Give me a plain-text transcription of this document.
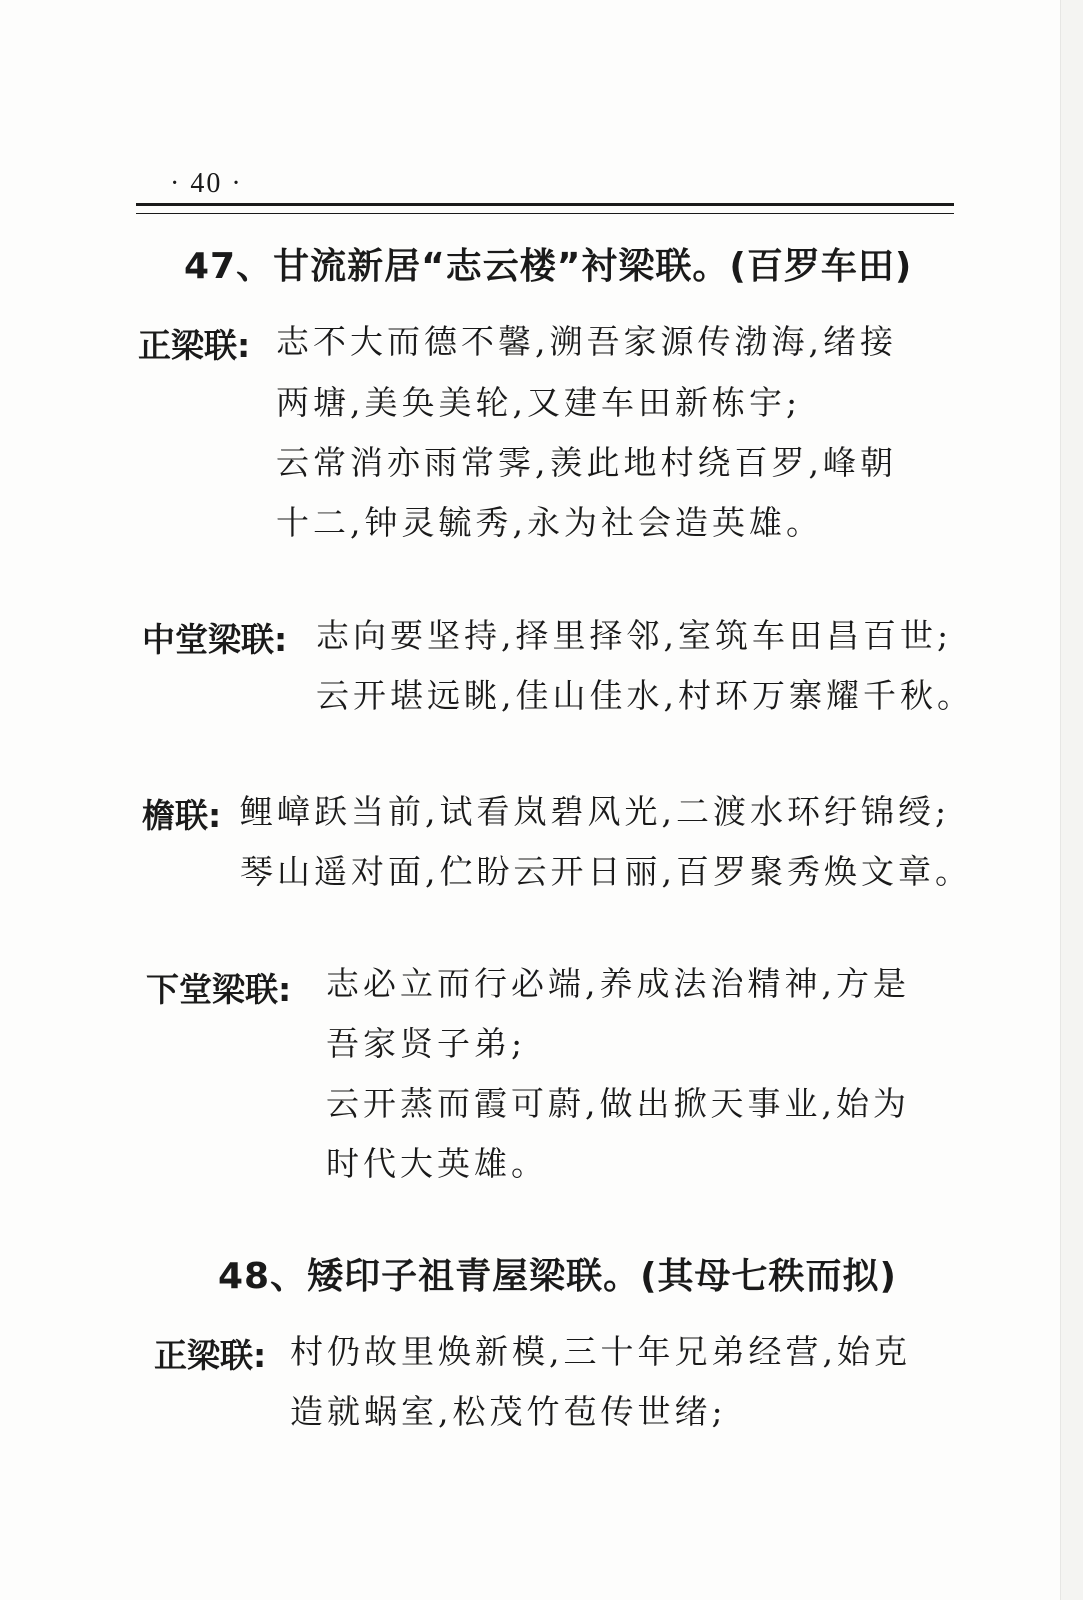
· 40 ·
47、甘流新居“志云楼”衬梁联。(百罗车田)
正梁联: 志不大而德不馨,溯吾家源传渤海,绪接
两塘,美奂美轮,又建车田新栋宇;
云常消亦雨常霁,羡此地村绕百罗,峰朝
十二,钟灵毓秀,永为社会造英雄。
中堂梁联: 志向要坚持,择里择邻,室筑车田昌百世;
云开堪远眺,佳山佳水,村环万寨耀千秋。
檐联: 鲤嶂跃当前,试看岚碧风光,二渡水环纡锦绶;
琴山遥对面,伫盼云开日丽,百罗聚秀焕文章。
下堂梁联: 志必立而行必端,养成法治精神,方是
吾家贤子弟;
云开蒸而霞可蔚,做出掀天事业,始为
时代大英雄。
48、矮印子祖青屋梁联。(其母七秩而拟)
正梁联: 村仍故里焕新模,三十年兄弟经营,始克
造就蜗室,松茂竹苞传世绪;
